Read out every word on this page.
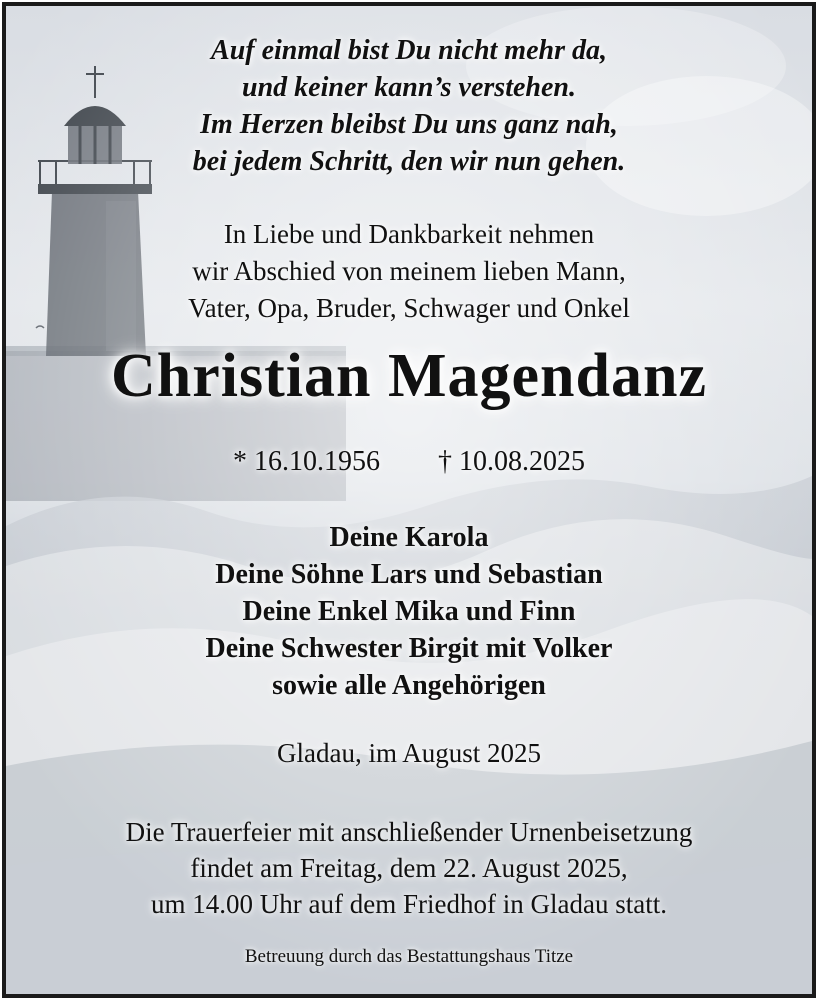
Auf einmal bist Du nicht mehr da,
und keiner kann’s verstehen.
Im Herzen bleibst Du uns ganz nah,
bei jedem Schritt, den wir nun gehen.
In Liebe und Dankbarkeit nehmen
wir Abschied von meinem lieben Mann,
Vater, Opa, Bruder, Schwager und Onkel
Christian Magendanz
* 16.10.1956 † 10.08.2025
Deine Karola
Deine Söhne Lars und Sebastian
Deine Enkel Mika und Finn
Deine Schwester Birgit mit Volker
sowie alle Angehörigen
Gladau, im August 2025
Die Trauerfeier mit anschließender Urnenbeisetzung
findet am Freitag, dem 22. August 2025,
um 14.00 Uhr auf dem Friedhof in Gladau statt.
Betreuung durch das Bestattungshaus Titze
